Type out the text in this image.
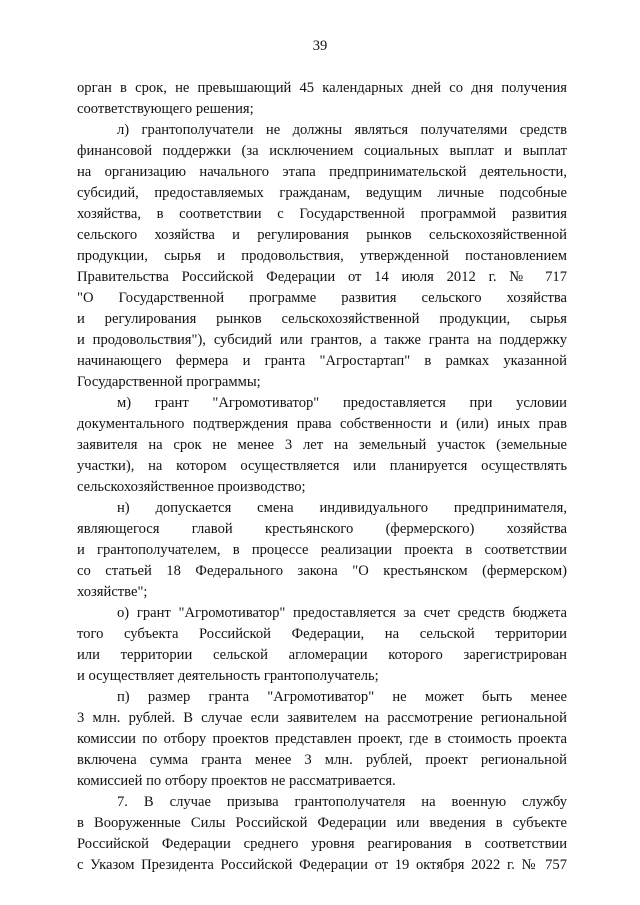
39
орган в срок, не превышающий 45 календарных дней со дня получения
соответствующего решения;
л) грантополучатели не должны являться получателями средств
финансовой поддержки (за исключением социальных выплат и выплат
на организацию начального этапа предпринимательской деятельности,
субсидий, предоставляемых гражданам, ведущим личные подсобные
хозяйства, в соответствии с Государственной программой развития
сельского хозяйства и регулирования рынков сельскохозяйственной
продукции, сырья и продовольствия, утвержденной постановлением
Правительства Российской Федерации от 14 июля 2012 г. № 717
"О Государственной программе развития сельского хозяйства
и регулирования рынков сельскохозяйственной продукции, сырья
и продовольствия"), субсидий или грантов, а также гранта на поддержку
начинающего фермера и гранта "Агростартап" в рамках указанной
Государственной программы;
м) грант "Агромотиватор" предоставляется при условии
документального подтверждения права собственности и (или) иных прав
заявителя на срок не менее 3 лет на земельный участок (земельные
участки), на котором осуществляется или планируется осуществлять
сельскохозяйственное производство;
н) допускается смена индивидуального предпринимателя,
являющегося главой крестьянского (фермерского) хозяйства
и грантополучателем, в процессе реализации проекта в соответствии
со статьей 18 Федерального закона "О крестьянском (фермерском)
хозяйстве";
о) грант "Агромотиватор" предоставляется за счет средств бюджета
того субъекта Российской Федерации, на сельской территории
или территории сельской агломерации которого зарегистрирован
и осуществляет деятельность грантополучатель;
п) размер гранта "Агромотиватор" не может быть менее
3 млн. рублей. В случае если заявителем на рассмотрение региональной
комиссии по отбору проектов представлен проект, где в стоимость проекта
включена сумма гранта менее 3 млн. рублей, проект региональной
комиссией по отбору проектов не рассматривается.
7. В случае призыва грантополучателя на военную службу
в Вооруженные Силы Российской Федерации или введения в субъекте
Российской Федерации среднего уровня реагирования в соответствии
с Указом Президента Российской Федерации от 19 октября 2022 г. № 757
